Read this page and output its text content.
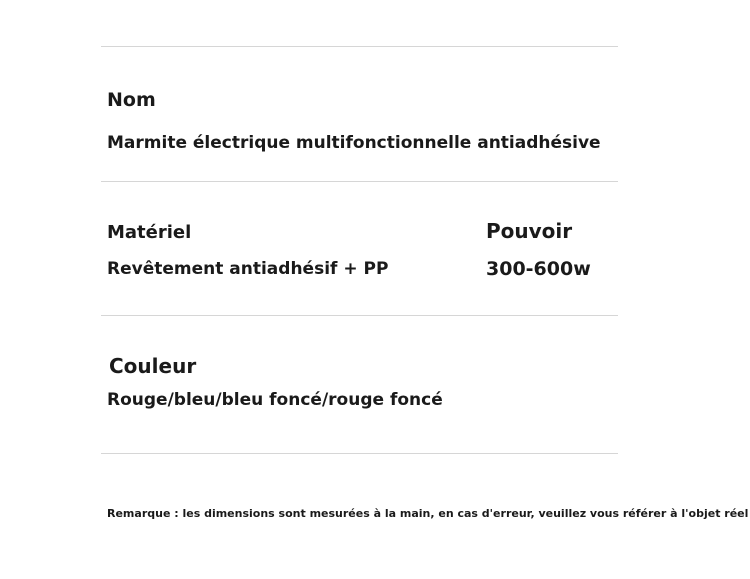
Nom
Marmite électrique multifonctionnelle antiadhésive
Matériel
Revêtement antiadhésif + PP
Pouvoir
300-600w
Couleur
Rouge/bleu/bleu foncé/rouge foncé
Remarque : les dimensions sont mesurées à la main, en cas d'erreur, veuillez vous référer à l'objet réel
